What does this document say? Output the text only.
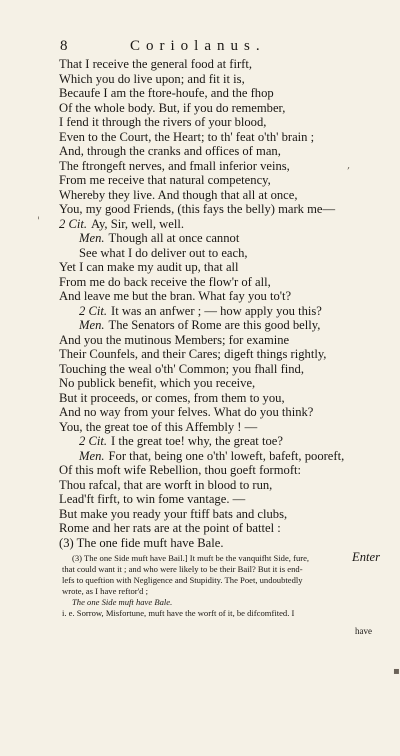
8	Coriolanus.
That I receive the general food at firft,
Which you do live upon; and fit it is,
Becaufe I am the ftore-houfe, and the fhop
Of the whole body. But, if you do remember,
I fend it through the rivers of your blood,
Even to the Court, the Heart; to th' feat o'th' brain ;
And, through the cranks and offices of man,
The ftrongeft nerves, and fmall inferior veins,
From me receive that natural competency,
Whereby they live. And though that all at once,
You, my good Friends, (this fays the belly) mark me—
2 Cit. Ay, Sir, well, well.
Men. Though all at once cannot
See what I do deliver out to each,
Yet I can make my audit up, that all
From me do back receive the flow'r of all,
And leave me but the bran. What fay you to't?
2 Cit. It was an anfwer ; — how apply you this?
Men. The Senators of Rome are this good belly,
And you the mutinous Members; for examine
Their Counfels, and their Cares; digeft things rightly,
Touching the weal o'th' Common; you fhall find,
No publick benefit, which you receive,
But it proceeds, or comes, from them to you,
And no way from your felves. What do you think?
You, the great toe of this Affembly ! —
2 Cit. I the great toe! why, the great toe?
Men. For that, being one o'th' loweft, bafeft, pooreft,
Of this moft wife Rebellion, thou goeft formoft:
Thou rafcal, that are worft in blood to run,
Lead'ft firft, to win fome vantage. —
But make you ready your ftiff bats and clubs,
Rome and her rats are at the point of battel :
(3) The one fide muft have Bale.
Enter
(3) The one Side muft have Bail.] It muft be the vanquifht Side, fure,
that could want it ; and who were likely to be their Bail? But it is end-
lefs to queftion with Negligence and Stupidity. The Poet, undoubtedly
wrote, as I have reftor'd ;
The one Side muft have Bale.
i. e. Sorrow, Misfortune, muft have the worft of it, be difcomfited. I
have
'
,
▪
